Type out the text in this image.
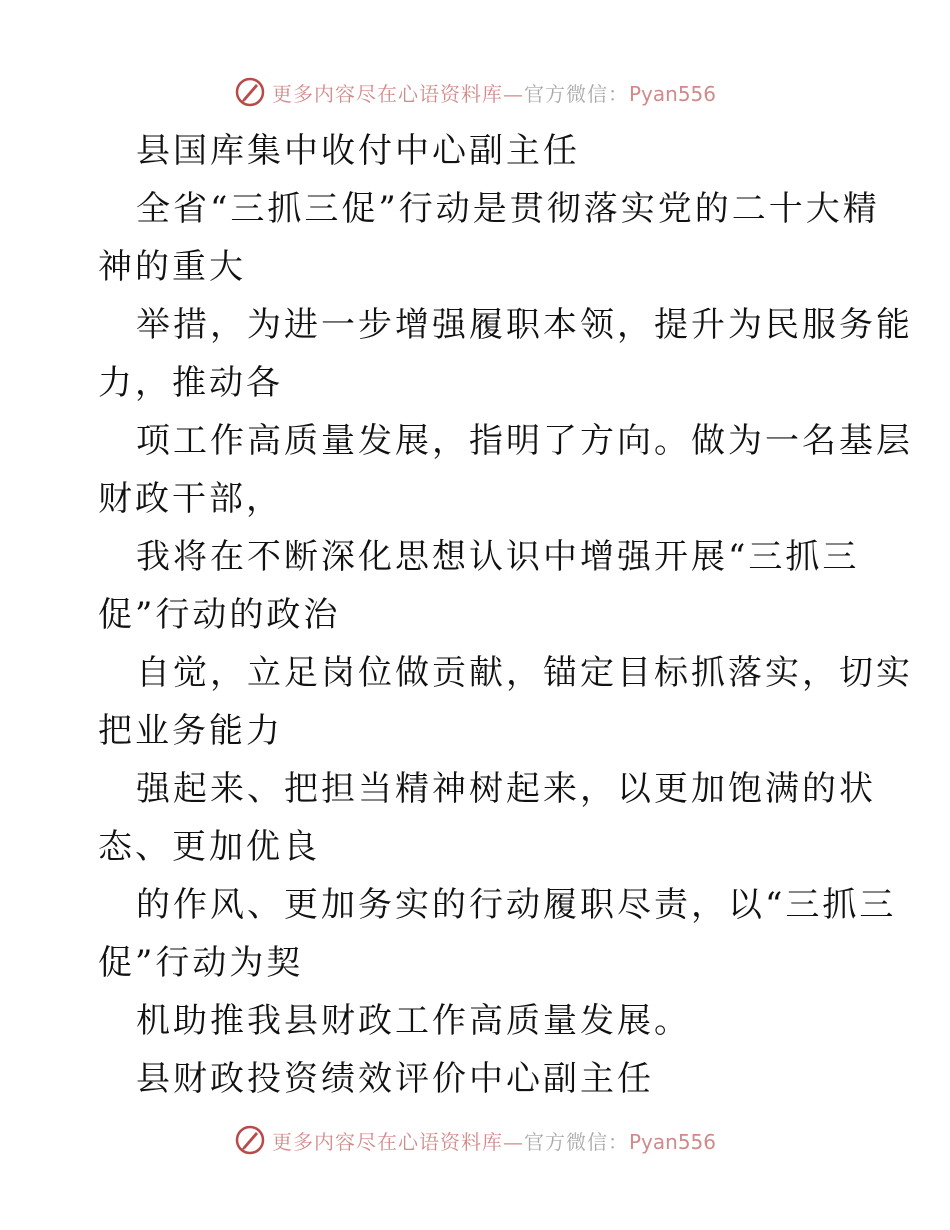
更多内容尽在心语资料库—官方微信：Pyan556
县国库集中收付中心副主任
全省“三抓三促”行动是贯彻落实党的二十大精
神的重大
举措，为进一步增强履职本领，提升为民服务能
力，推动各
项工作高质量发展，指明了方向。做为一名基层
财政干部，
我将在不断深化思想认识中增强开展“三抓三
促”行动的政治
自觉，立足岗位做贡献，锚定目标抓落实，切实
把业务能力
强起来、把担当精神树起来，以更加饱满的状
态、更加优良
的作风、更加务实的行动履职尽责，以“三抓三
促”行动为契
机助推我县财政工作高质量发展。
县财政投资绩效评价中心副主任
更多内容尽在心语资料库—官方微信：Pyan556
